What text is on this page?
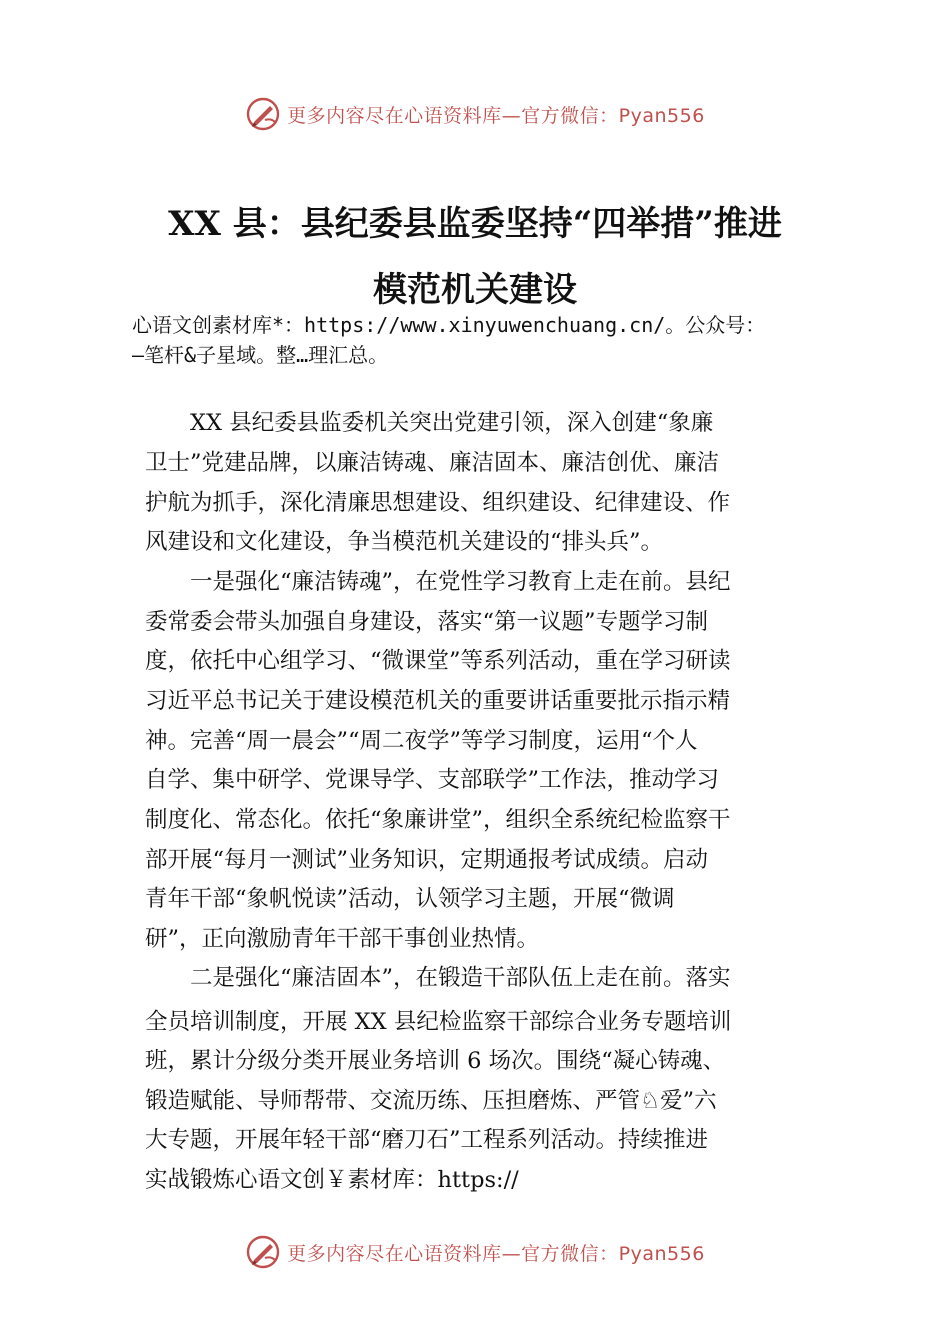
更多内容尽在心语资料库—官方微信：Pyan556
XX 县：县纪委县监委坚持“四举措”推进
模范机关建设
心语文创素材库*：https://www.xinyuwenchuang.cn/。公众号：
—笔杆&子星域。整…理汇总。
XX 县纪委县监委机关突出党建引领，深入创建“象廉
卫士”党建品牌，以廉洁铸魂、廉洁固本、廉洁创优、廉洁
护航为抓手，深化清廉思想建设、组织建设、纪律建设、作
风建设和文化建设，争当模范机关建设的“排头兵”。
一是强化“廉洁铸魂”，在党性学习教育上走在前。县纪
委常委会带头加强自身建设，落实“第一议题”专题学习制
度，依托中心组学习、“微课堂”等系列活动，重在学习研读
习近平总书记关于建设模范机关的重要讲话重要批示指示精
神。完善“周一晨会”“周二夜学”等学习制度，运用“个人
自学、集中研学、党课导学、支部联学”工作法，推动学习
制度化、常态化。依托“象廉讲堂”，组织全系统纪检监察干
部开展“每月一测试”业务知识，定期通报考试成绩。启动
青年干部“象帆悦读”活动，认领学习主题，开展“微调
研”，正向激励青年干部干事创业热情。
二是强化“廉洁固本”，在锻造干部队伍上走在前。落实
全员培训制度，开展 XX 县纪检监察干部综合业务专题培训
班，累计分级分类开展业务培训 6 场次。围绕“凝心铸魂、
锻造赋能、导师帮带、交流历练、压担磨炼、严管♘爱”六
大专题，开展年轻干部“磨刀石”工程系列活动。持续推进
实战锻炼心语文创￥素材库：https://
更多内容尽在心语资料库—官方微信：Pyan556
